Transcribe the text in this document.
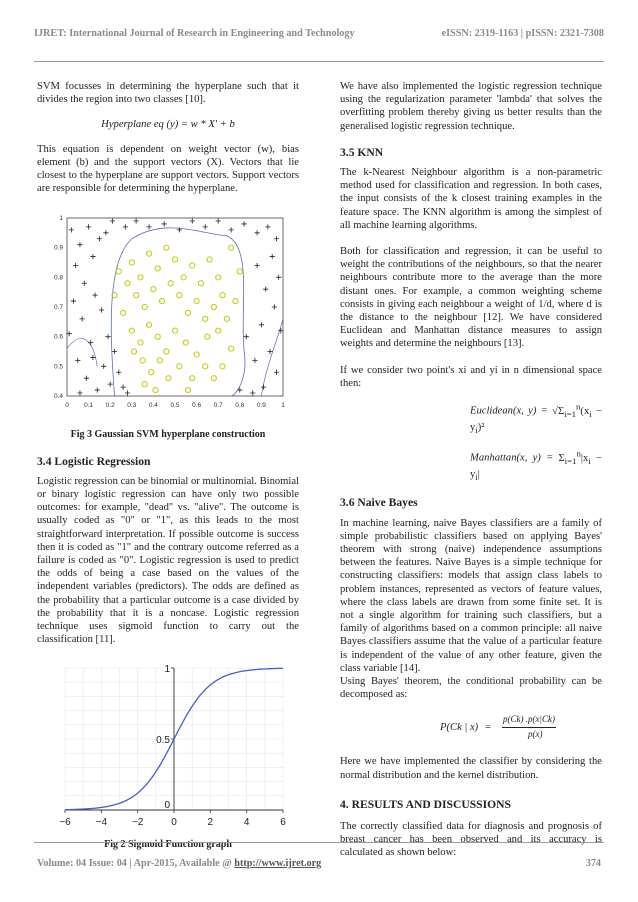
IJRET: International Journal of Research in Engineering and Technology	eISSN: 2319-1163 | pISSN: 2321-7308

SVM focusses in determining the hyperplane such that it divides the region into two classes [10].

Hyperplane eq (y) = w * X' + b

This equation is dependent on weight vector (w), bias element (b) and the support vectors (X). Vectors that lie closest to the hyperplane are support vectors. Support vectors are responsible for determining the hyperplane.

0 0.1 0.2 0.3 0.4 0.5 0.6 0.7 0.8 0.9 1
0.4
0.5
0.6
0.7
0.8
0.9
1

Fig 3 Gaussian SVM hyperplane construction

3.4 Logistic Regression

Logistic regression can be binomial or multinomial. Binomial or binary logistic regression can have only two possible outcomes: for example, "dead" vs. "alive". The outcome is usually coded as "0" or "1", as this leads to the most straightforward interpretation. If possible outcome is success then it is coded as "1" and the contrary outcome referred as a failure is coded as "0". Logistic regression is used to predict the odds of being a case based on the values of the independent variables (predictors). The odds are defined as the probability that a particular outcome is a case divided by the probability that it is a noncase. Logistic regression technique uses sigmoid function to carry out the classification [11].

−6 −4 −2	0	2	4	6
0
0.5
1

Fig 2 Sigmoid Function graph

We have also implemented the logistic regression technique using the regularization parameter 'lambda' that solves the overfitting problem thereby giving us better results than the generalised logistic regression technique.

3.5 KNN

The k-Nearest Neighbour algorithm is a non-parametric method used for classification and regression. In both cases, the input consists of the k closest training examples in the feature space. The KNN algorithm is among the simplest of all machine learning algorithms.

Both for classification and regression, it can be useful to weight the contributions of the neighbours, so that the nearer neighbours contribute more to the average than the more distant ones. For example, a common weighting scheme consists in giving each neighbour a weight of 1/d, where d is the distance to the neighbour [12]. We have considered Euclidean and Manhattan distance measures to assign weights and determine the neighbours [13].

If we consider two point's xi and yi in n dimensional space then:

Euclidean(x, $y) = √\Sigma_{i=1}^n(x_i - y_i)^2$
Manhattan(x, $y) = \Sigma_{i=1}^n|x_i - y_i|$
3.6 Naive Bayes

In machine learning, naive Bayes classifiers are a family of simple probabilistic classifiers based on applying Bayes' theorem with strong (naive) independence assumptions between the features. Naive Bayes is a simple technique for constructing classifiers: models that assign class labels to problem instances, represented as vectors of feature values, where the class labels are drawn from some finite set. It is not a single algorithm for training such classifiers, but a family of algorithms based on a common principle: all naive Bayes classifiers assume that the value of a particular feature is independent of the value of any other feature, given the class variable [14].

Using Bayes' theorem, the conditional probability can be decomposed as:

P(Ck | x) =
p(Ck) .p(x|Ck)
p(x)

Here we have implemented the classifier by considering the normal distribution and the kernel distribution.

4. RESULTS AND DISCUSSIONS

The correctly classified data for diagnosis and prognosis of breast cancer has been observed and its accuracy is calculated as shown below:

Volume: 04 Issue: 04 | Apr-2015, Available @ http://www.ijret.org	374
